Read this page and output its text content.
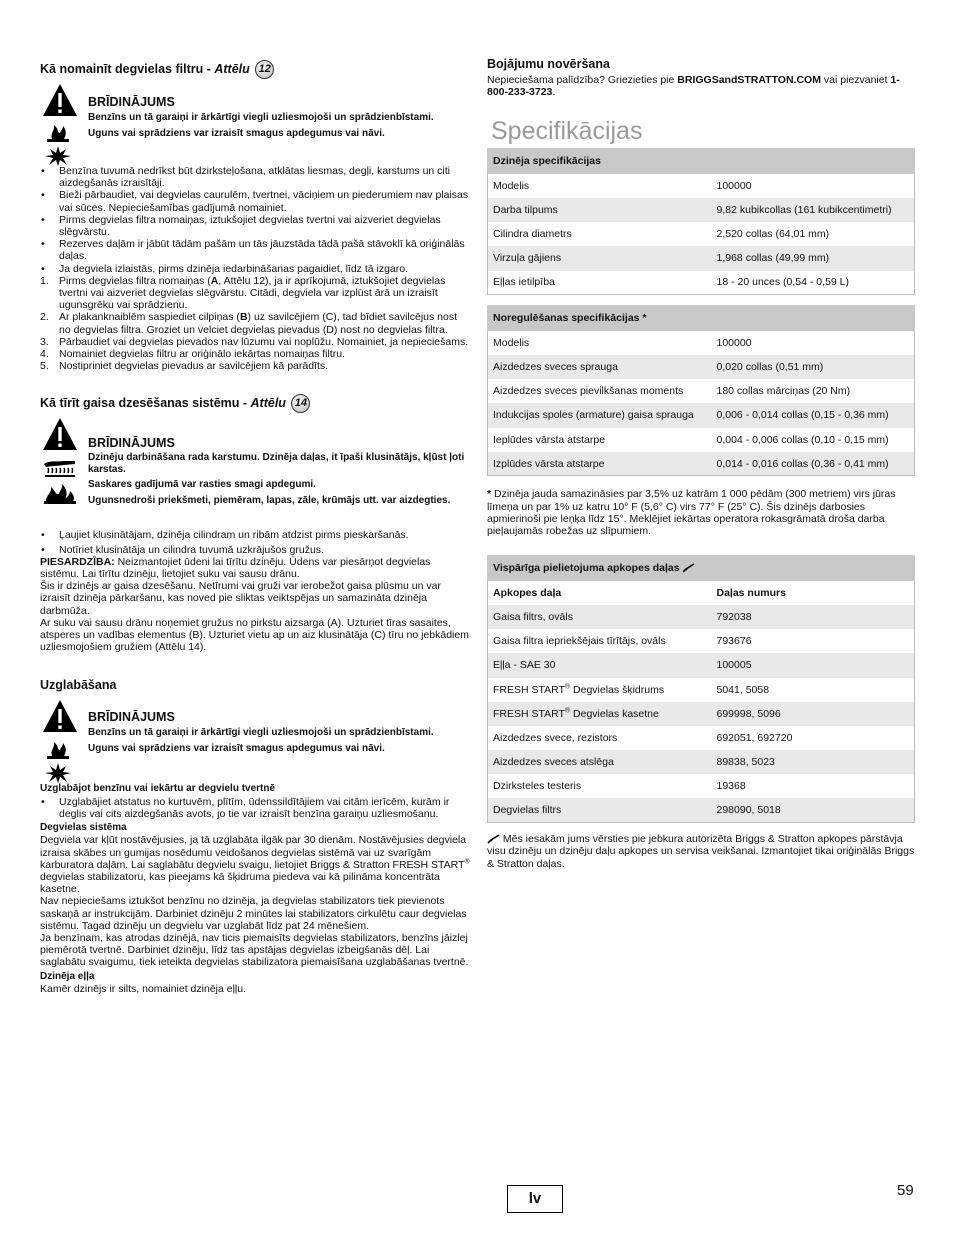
Kā nomainīt degvielas filtru - Attēlu 12
BRĪDINĀJUMS
Benzīns un tā garaiņi ir ārkārtīgi viegli uzliesmojoši un sprādzienbīstami.
Uguns vai sprādziens var izraisīt smagus apdegumus vai nāvi.
• Benzīna tuvumā nedrīkst būt dzirksteļošana, atklātas liesmas, degļi, karstums un citi aizdegšanās izraisītāji.
• Bieži pārbaudiet, vai degvielas caurulēm, tvertnei, vāciņiem un piederumiem nav plaisas vai sūces. Nepieciešamības gadījumā nomainiet.
• Pirms degvielas filtra nomaiņas, iztukšojiet degvielas tvertni vai aizveriet degvielas slēgvārstu.
• Rezerves daļām ir jābūt tādām pašām un tās jāuzstāda tādā pašā stāvoklī kā oriģinālās daļas.
• Ja degviela izlaistās, pirms dzinēja iedarbināšanas pagaidiet, līdz tā izgaro.
1. Pirms degvielas filtra nomaiņas (A, Attēlu 12), ja ir aprīkojumā, iztukšojiet degvielas tvertni vai aizveriet degvielas slēgvārstu. Citādi, degviela var izplūst ārā un izraisīt ugunsgrēku vai sprādzienu.
2. Ar plakanknaiblēm saspiediet cilpiņas (B) uz savilcējiem (C), tad bīdiet savilcējus nost no degvielas filtra. Groziet un velciet degvielas pievadus (D) nost no degvielas filtra.
3. Pārbaudiet vai degvielas pievados nav lūzumu vai noplūžu. Nomainiet, ja nepieciešams.
4. Nomainiet degvielas filtru ar oriģinālo iekārtas nomaiņas filtru.
5. Nostipriniet degvielas pievadus ar savilcējiem kā parādīts.
Kā tīrīt gaisa dzesēšanas sistēmu - Attēlu 14
BRĪDINĀJUMS
Dzinēju darbināšana rada karstumu. Dzinēja daļas, it īpaši klusinātājs, kļūst ļoti karstas.
Saskares gadījumā var rasties smagi apdegumi.
Ugunsnedroši priekšmeti, piemēram, lapas, zāle, krūmājs utt. var aizdegties.
• Ļaujiet klusinātājam, dzinēja cilindram un ribām atdzist pirms pieskaršanās.
• Notīriet klusinātāja un cilindra tuvumā uzkrājušos gružus.

PIESARDZĪBA: Neizmantojiet ūdeni lai tīrītu dzinēju. Ūdens var piesārņot degvielas sistēmu. Lai tīrītu dzinēju, lietojiet suku vai sausu drānu.

Šis ir dzinējs ar gaisa dzesēšanu. Netīrumi vai gruži var ierobežot gaisa plūsmu un var izraisīt dzinēja pārkaršanu, kas noved pie sliktas veiktspējas un samazināta dzinēja darbmūža.

Ar suku vai sausu drānu noņemiet gružus no pirkstu aizsarga (A). Uzturiet tīras sasaites, atsperes un vadības elementus (B). Uzturiet vietu ap un aiz klusinātāja (C) tīru no jebkādiem uzliesmojošiem gružiem (Attēlu 14).

Uzglabāšana
BRĪDINĀJUMS
Benzīns un tā garaiņi ir ārkārtīgi viegli uzliesmojoši un sprādzienbīstami.
Uguns vai sprādziens var izraisīt smagus apdegumus vai nāvi.
Uzglabājot benzīnu vai iekārtu ar degvielu tvertnē
• Uzglabājiet atstatus no kurtuvēm, plītīm, ūdenssildītājiem vai citām ierīcēm, kurām ir deglis vai cits aizdegšanās avots, jo tie var izraisīt benzīna garaiņu uzliesmošanu.
Degvielas sistēma

Degviela var kļūt nostāvējusies, ja tā uzglabāta ilgāk par 30 dienām. Nostāvējusies degviela izraisa skābes un gumijas nosēdumu veidošanos degvielas sistēmā vai uz svarīgām karburatora daļām. Lai saglabātu degvielu svaigu, lietojiet Briggs & Stratton FRESH START® degvielas stabilizatoru, kas pieejams kā šķidruma piedeva vai kā pilināma koncentrāta kasetne.

Nav nepieciešams iztukšot benzīnu no dzinēja, ja degvielas stabilizators tiek pievienots saskaņā ar instrukcijām. Darbiniet dzinēju 2 minūtes lai stabilizators cirkulētu caur degvielas sistēmu. Tagad dzinēju un degvielu var uzglabāt līdz pat 24 mēnešiem.

Ja benzīnam, kas atrodas dzinējā, nav ticis piemaisīts degvielas stabilizators, benzīns jāizlej piemērotā tvertnē. Darbiniet dzinēju, līdz tas apstājas degvielas izbeigšanās dēļ. Lai saglabātu svaigumu, tiek ieteikta degvielas stabilizatora piemaisīšana uzglabāšanas tvertnē.

Dzinēja eļļa

Kamēr dzinējs ir silts, nomainiet dzinēja eļļu.

Bojājumu novēršana

Nepieciešama palīdzība? Griezieties pie BRIGGSandSTRATTON.COM vai piezvaniet 1-800-233-3723.

Specifikācijas
Dzinēja specifikācijas	
Modelis	100000
Darba tilpums	9,82 kubikcollas (161 kubikcentimetri)
Cilindra diametrs	2,520 collas (64,01 mm)
Virzuļa gājiens	1,968 collas (49,99 mm)
Eļļas ietilpība	18 - 20 unces (0,54 - 0,59 L)
Noregulēšanas specifikācijas *	
Modelis	100000
Aizdedzes sveces sprauga	0,020 collas (0,51 mm)
Aizdedzes sveces pievilkšanas moments	180 collas mārciņas (20 Nm)
Indukcijas spoles (armature) gaisa sprauga	0,006 - 0,014 collas (0,15 - 0,36 mm)
Ieplūdes vārsta atstarpe	0,004 - 0,006 collas (0,10 - 0,15 mm)
Izplūdes vārsta atstarpe	0,014 - 0,016 collas (0,36 - 0,41 mm)

* Dzinēja jauda samazināsies par 3,5% uz katrām 1 000 pēdām (300 metriem) virs jūras līmeņa un par 1% uz katru 10° F (5,6° C) virs 77° F (25° C). Šis dzinējs darbosies apmierinoši pie leņķa līdz 15°. Meklējiet iekārtas operatora rokasgrāmatā droša darba pieļaujamās robežas uz slīpumiem.

Vispārīga pielietojuma apkopes daļas	
Apkopes daļa	Daļas numurs
Gaisa filtrs, ovāls	792038
Gaisa filtra iepriekšējais tīrītājs, ovāls	793676
Eļļa - SAE 30	100005
FRESH START® Degvielas šķidrums	5041, 5058
FRESH START® Degvielas kasetne	699998, 5096
Aizdedzes svece, rezistors	692051, 692720
Aizdedzes sveces atslēga	89838, 5023
Dzirksteles testeris	19368
Degvielas filtrs	298090, 5018

Mēs iesakām jums vērsties pie jebkura autorizēta Briggs & Stratton apkopes pārstāvja visu dzinēju un dzinēju daļu apkopes un servisa veikšanai. Izmantojiet tikai oriģinālās Briggs & Stratton daļas.

lv	59
